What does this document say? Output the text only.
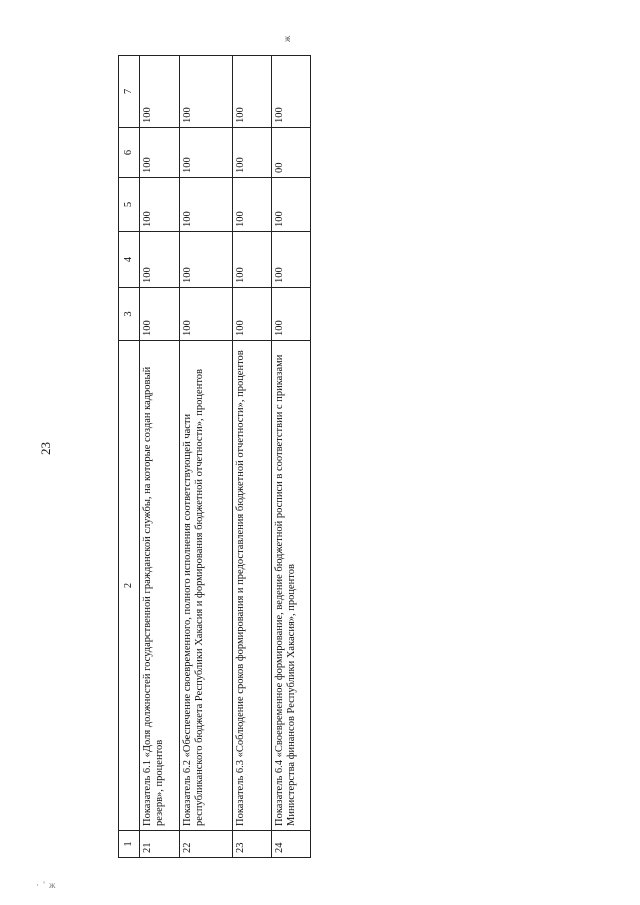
23
ж
· ' ж
1	2	3	4	5	6	7
21	Показатель 6.1 «Доля должностей государственной гражданской службы, на которые создан кадровый резерв», процентов	100	100	100	100	100
22	Показатель 6.2 «Обеспечение своевременного, полного исполнения соответствующей части республиканского бюджета Республики Хакасия и формирования бюджетной отчетности», процентов	100	100	100	100	100
23	Показатель 6.3 «Соблюдение сроков формирования и предоставления бюджетной отчетности», процентов	100	100	100	100	100
24	Показатель 6.4 «Своевременное формирование, ведение бюджетной росписи в соответствии с приказами Министерства финансов Республики Хакасия», процентов	100	100	100	00	100
